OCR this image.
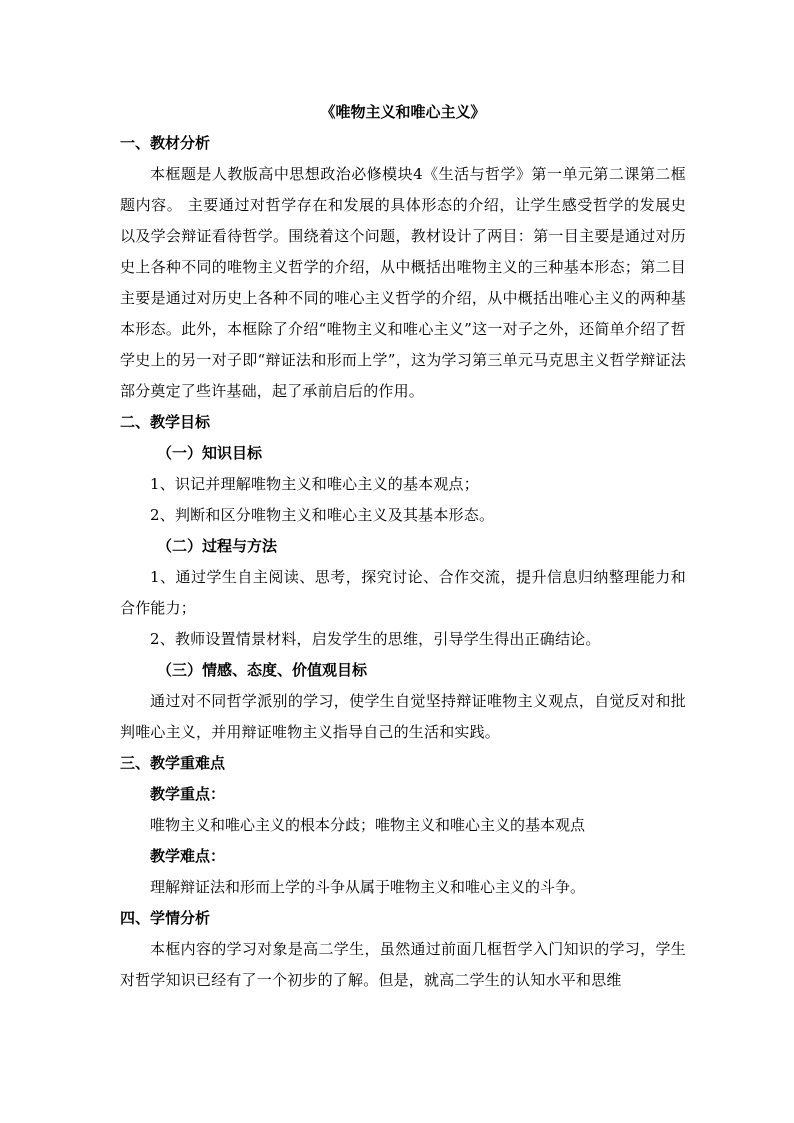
《唯物主义和唯心主义》
一、教材分析

本框题是人教版高中思想政治必修模块4《生活与哲学》第一单元第二课第二框题内容。 主要通过对哲学存在和发展的具体形态的介绍，让学生感受哲学的发展史以及学会辩证看待哲学。围绕着这个问题，教材设计了两目：第一目主要是通过对历史上各种不同的唯物主义哲学的介绍，从中概括出唯物主义的三种基本形态；第二目主要是通过对历史上各种不同的唯心主义哲学的介绍，从中概括出唯心主义的两种基本形态。此外，本框除了介绍“唯物主义和唯心主义”这一对子之外，还简单介绍了哲学史上的另一对子即“辩证法和形而上学”，这为学习第三单元马克思主义哲学辩证法部分奠定了些许基础，起了承前启后的作用。

二、教学目标
（一）知识目标

1、识记并理解唯物主义和唯心主义的基本观点；

2、判断和区分唯物主义和唯心主义及其基本形态。

（二）过程与方法

1、通过学生自主阅读、思考，探究讨论、合作交流，提升信息归纳整理能力和合作能力；

2、教师设置情景材料，启发学生的思维，引导学生得出正确结论。

（三）情感、态度、价值观目标

通过对不同哲学派别的学习，使学生自觉坚持辩证唯物主义观点，自觉反对和批判唯心主义，并用辩证唯物主义指导自己的生活和实践。

三、教学重难点
教学重点：

唯物主义和唯心主义的根本分歧；唯物主义和唯心主义的基本观点

教学难点：

理解辩证法和形而上学的斗争从属于唯物主义和唯心主义的斗争。

四、学情分析

本框内容的学习对象是高二学生，虽然通过前面几框哲学入门知识的学习，学生对哲学知识已经有了一个初步的了解。但是，就高二学生的认知水平和思维
